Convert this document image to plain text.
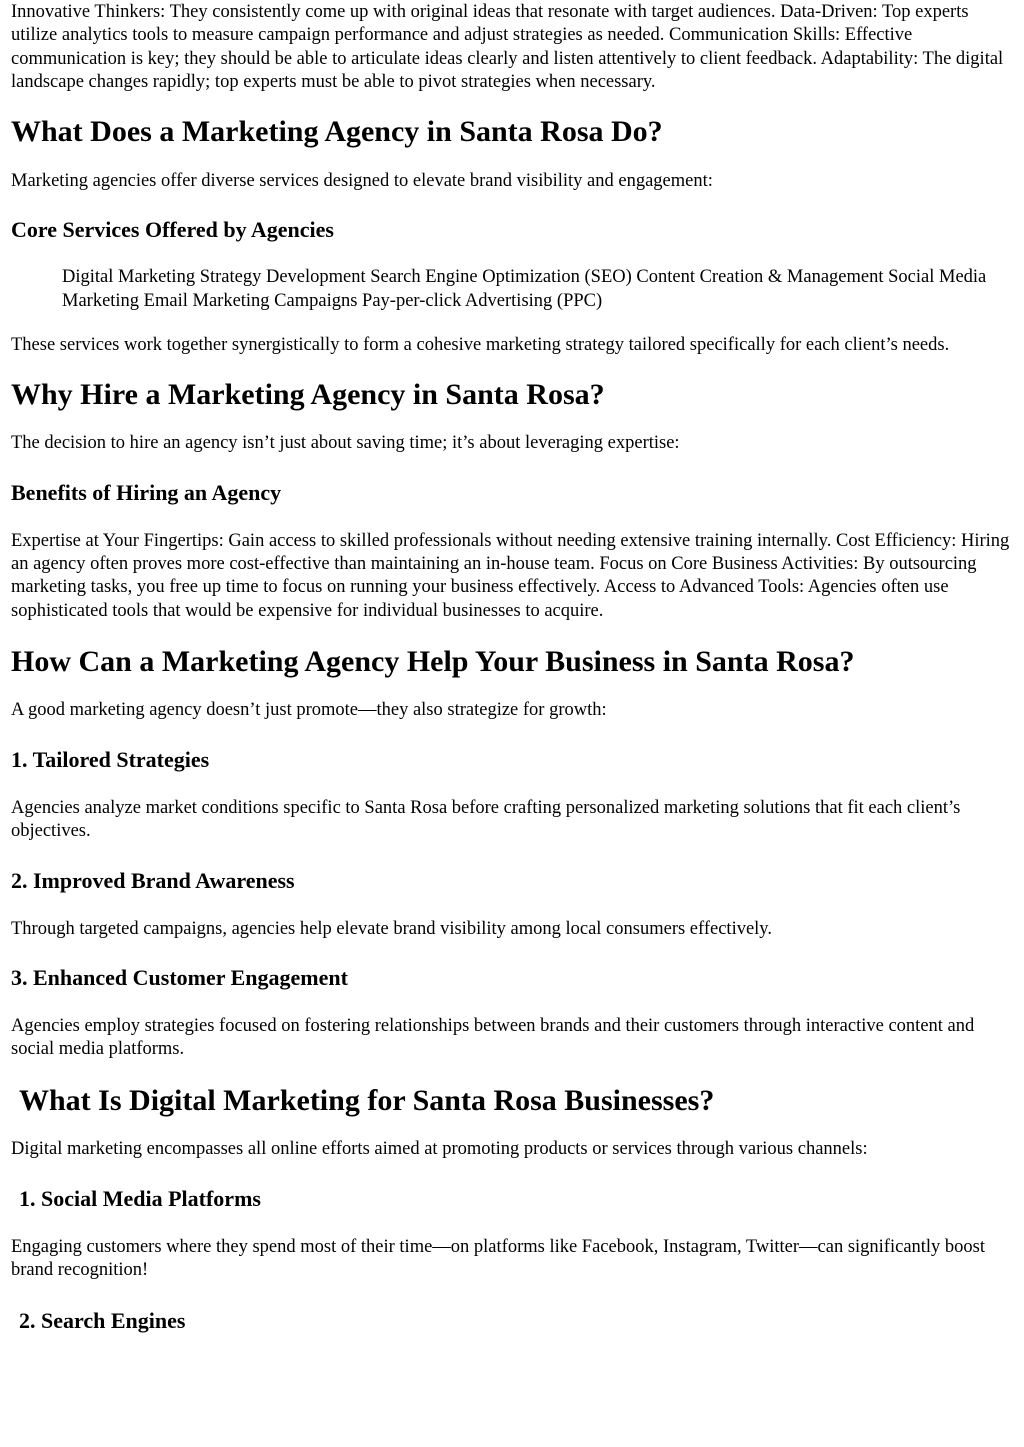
Innovative Thinkers: They consistently come up with original ideas that resonate with target audiences. Data-Driven: Top experts utilize analytics tools to measure campaign performance and adjust strategies as needed. Communication Skills: Effective communication is key; they should be able to articulate ideas clearly and listen attentively to client feedback. Adaptability: The digital landscape changes rapidly; top experts must be able to pivot strategies when necessary.

What Does a Marketing Agency in Santa Rosa Do?

Marketing agencies offer diverse services designed to elevate brand visibility and engagement:

Core Services Offered by Agencies
Digital Marketing Strategy Development Search Engine Optimization (SEO) Content Creation & Management Social Media Marketing Email Marketing Campaigns Pay-per-click Advertising (PPC)

These services work together synergistically to form a cohesive marketing strategy tailored specifically for each client’s needs.

Why Hire a Marketing Agency in Santa Rosa?

The decision to hire an agency isn’t just about saving time; it’s about leveraging expertise:

Benefits of Hiring an Agency

Expertise at Your Fingertips: Gain access to skilled professionals without needing extensive training internally. Cost Efficiency: Hiring an agency often proves more cost-effective than maintaining an in-house team. Focus on Core Business Activities: By outsourcing marketing tasks, you free up time to focus on running your business effectively. Access to Advanced Tools: Agencies often use sophisticated tools that would be expensive for individual businesses to acquire.

How Can a Marketing Agency Help Your Business in Santa Rosa?

A good marketing agency doesn’t just promote—they also strategize for growth:

1. Tailored Strategies

Agencies analyze market conditions specific to Santa Rosa before crafting personalized marketing solutions that fit each client’s objectives.

2. Improved Brand Awareness

Through targeted campaigns, agencies help elevate brand visibility among local consumers effectively.

3. Enhanced Customer Engagement

Agencies employ strategies focused on fostering relationships between brands and their customers through interactive content and social media platforms.

What Is Digital Marketing for Santa Rosa Businesses?

Digital marketing encompasses all online efforts aimed at promoting products or services through various channels:

1. Social Media Platforms

Engaging customers where they spend most of their time—on platforms like Facebook, Instagram, Twitter—can significantly boost brand recognition!

2. Search Engines
